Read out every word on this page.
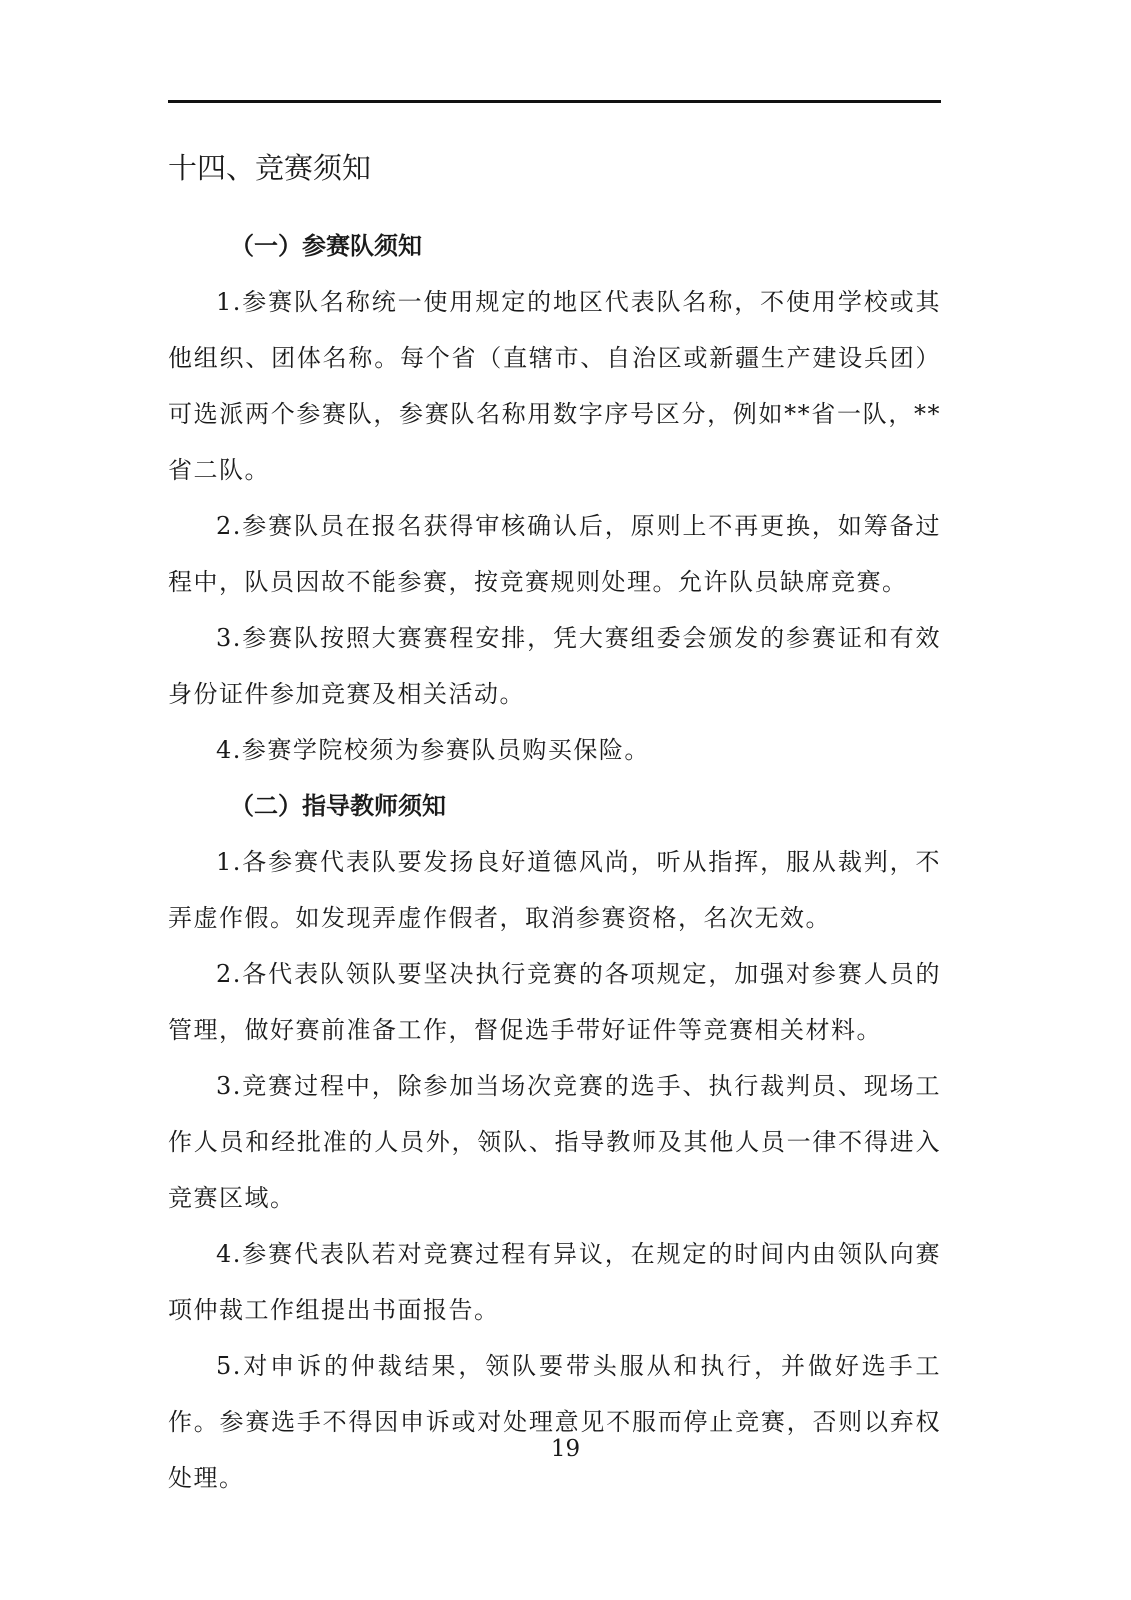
十四、竞赛须知
（一）参赛队须知

1.参赛队名称统一使用规定的地区代表队名称，不使用学校或其他组织、团体名称。每个省（直辖市、自治区或新疆生产建设兵团）可选派两个参赛队，参赛队名称用数字序号区分，例如**省一队，**省二队。

2.参赛队员在报名获得审核确认后，原则上不再更换，如筹备过程中，队员因故不能参赛，按竞赛规则处理。允许队员缺席竞赛。

3.参赛队按照大赛赛程安排，凭大赛组委会颁发的参赛证和有效身份证件参加竞赛及相关活动。

4.参赛学院校须为参赛队员购买保险。

（二）指导教师须知

1.各参赛代表队要发扬良好道德风尚，听从指挥，服从裁判，不弄虚作假。如发现弄虚作假者，取消参赛资格，名次无效。

2.各代表队领队要坚决执行竞赛的各项规定，加强对参赛人员的管理，做好赛前准备工作，督促选手带好证件等竞赛相关材料。

3.竞赛过程中，除参加当场次竞赛的选手、执行裁判员、现场工作人员和经批准的人员外，领队、指导教师及其他人员一律不得进入竞赛区域。

4.参赛代表队若对竞赛过程有异议，在规定的时间内由领队向赛项仲裁工作组提出书面报告。

5.对申诉的仲裁结果，领队要带头服从和执行，并做好选手工作。参赛选手不得因申诉或对处理意见不服而停止竞赛，否则以弃权处理。

19
